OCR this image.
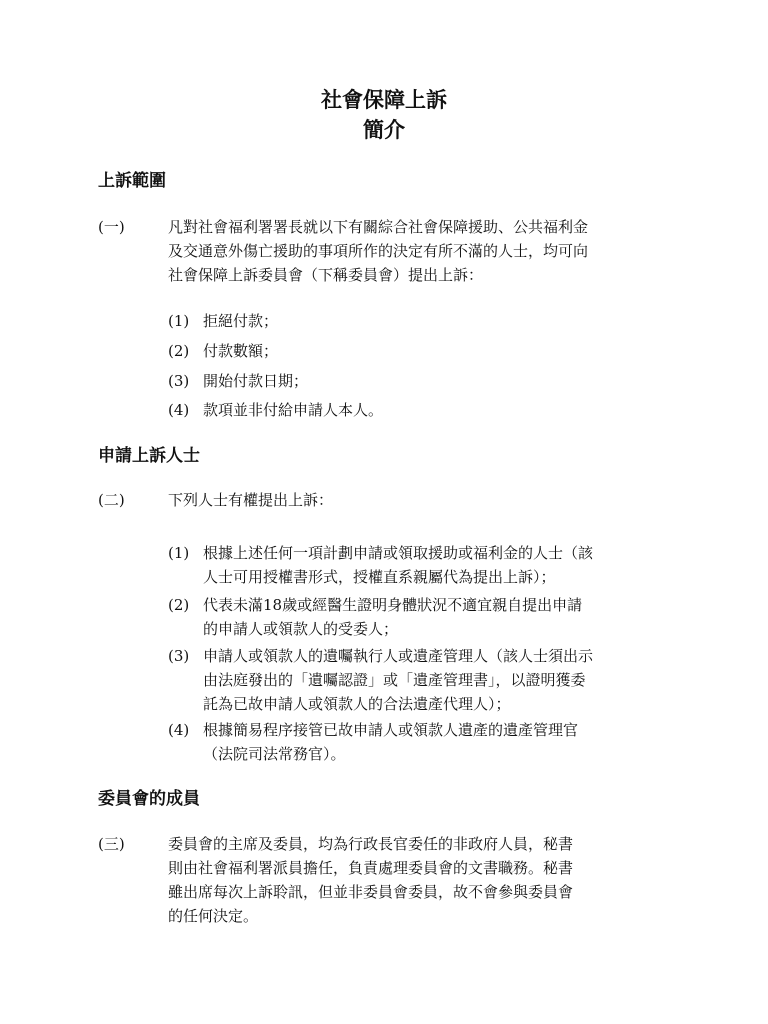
社會保障上訴
簡介
上訴範圍
(一)	凡對社會福利署署長就以下有關綜合社會保障援助、公共福利金
及交通意外傷亡援助的事項所作的決定有所不滿的人士，均可向
社會保障上訴委員會（下稱委員會）提出上訴：
(1) 拒絕付款；
(2) 付款數額；
(3) 開始付款日期；
(4) 款項並非付給申請人本人。
申請上訴人士
(二)	下列人士有權提出上訴：
(1) 根據上述任何一項計劃申請或領取援助或福利金的人士（該
人士可用授權書形式，授權直系親屬代為提出上訴）；
(2) 代表未滿18歲或經醫生證明身體狀況不適宜親自提出申請
的申請人或領款人的受委人；
(3) 申請人或領款人的遺囑執行人或遺產管理人（該人士須出示
由法庭發出的「遺囑認證」或「遺產管理書」，以證明獲委
託為已故申請人或領款人的合法遺產代理人）；
(4) 根據簡易程序接管已故申請人或領款人遺產的遺產管理官
（法院司法常務官）。
委員會的成員
(三)	委員會的主席及委員，均為行政長官委任的非政府人員，秘書
則由社會福利署派員擔任，負責處理委員會的文書職務。秘書
雖出席每次上訴聆訊，但並非委員會委員，故不會參與委員會
的任何決定。
